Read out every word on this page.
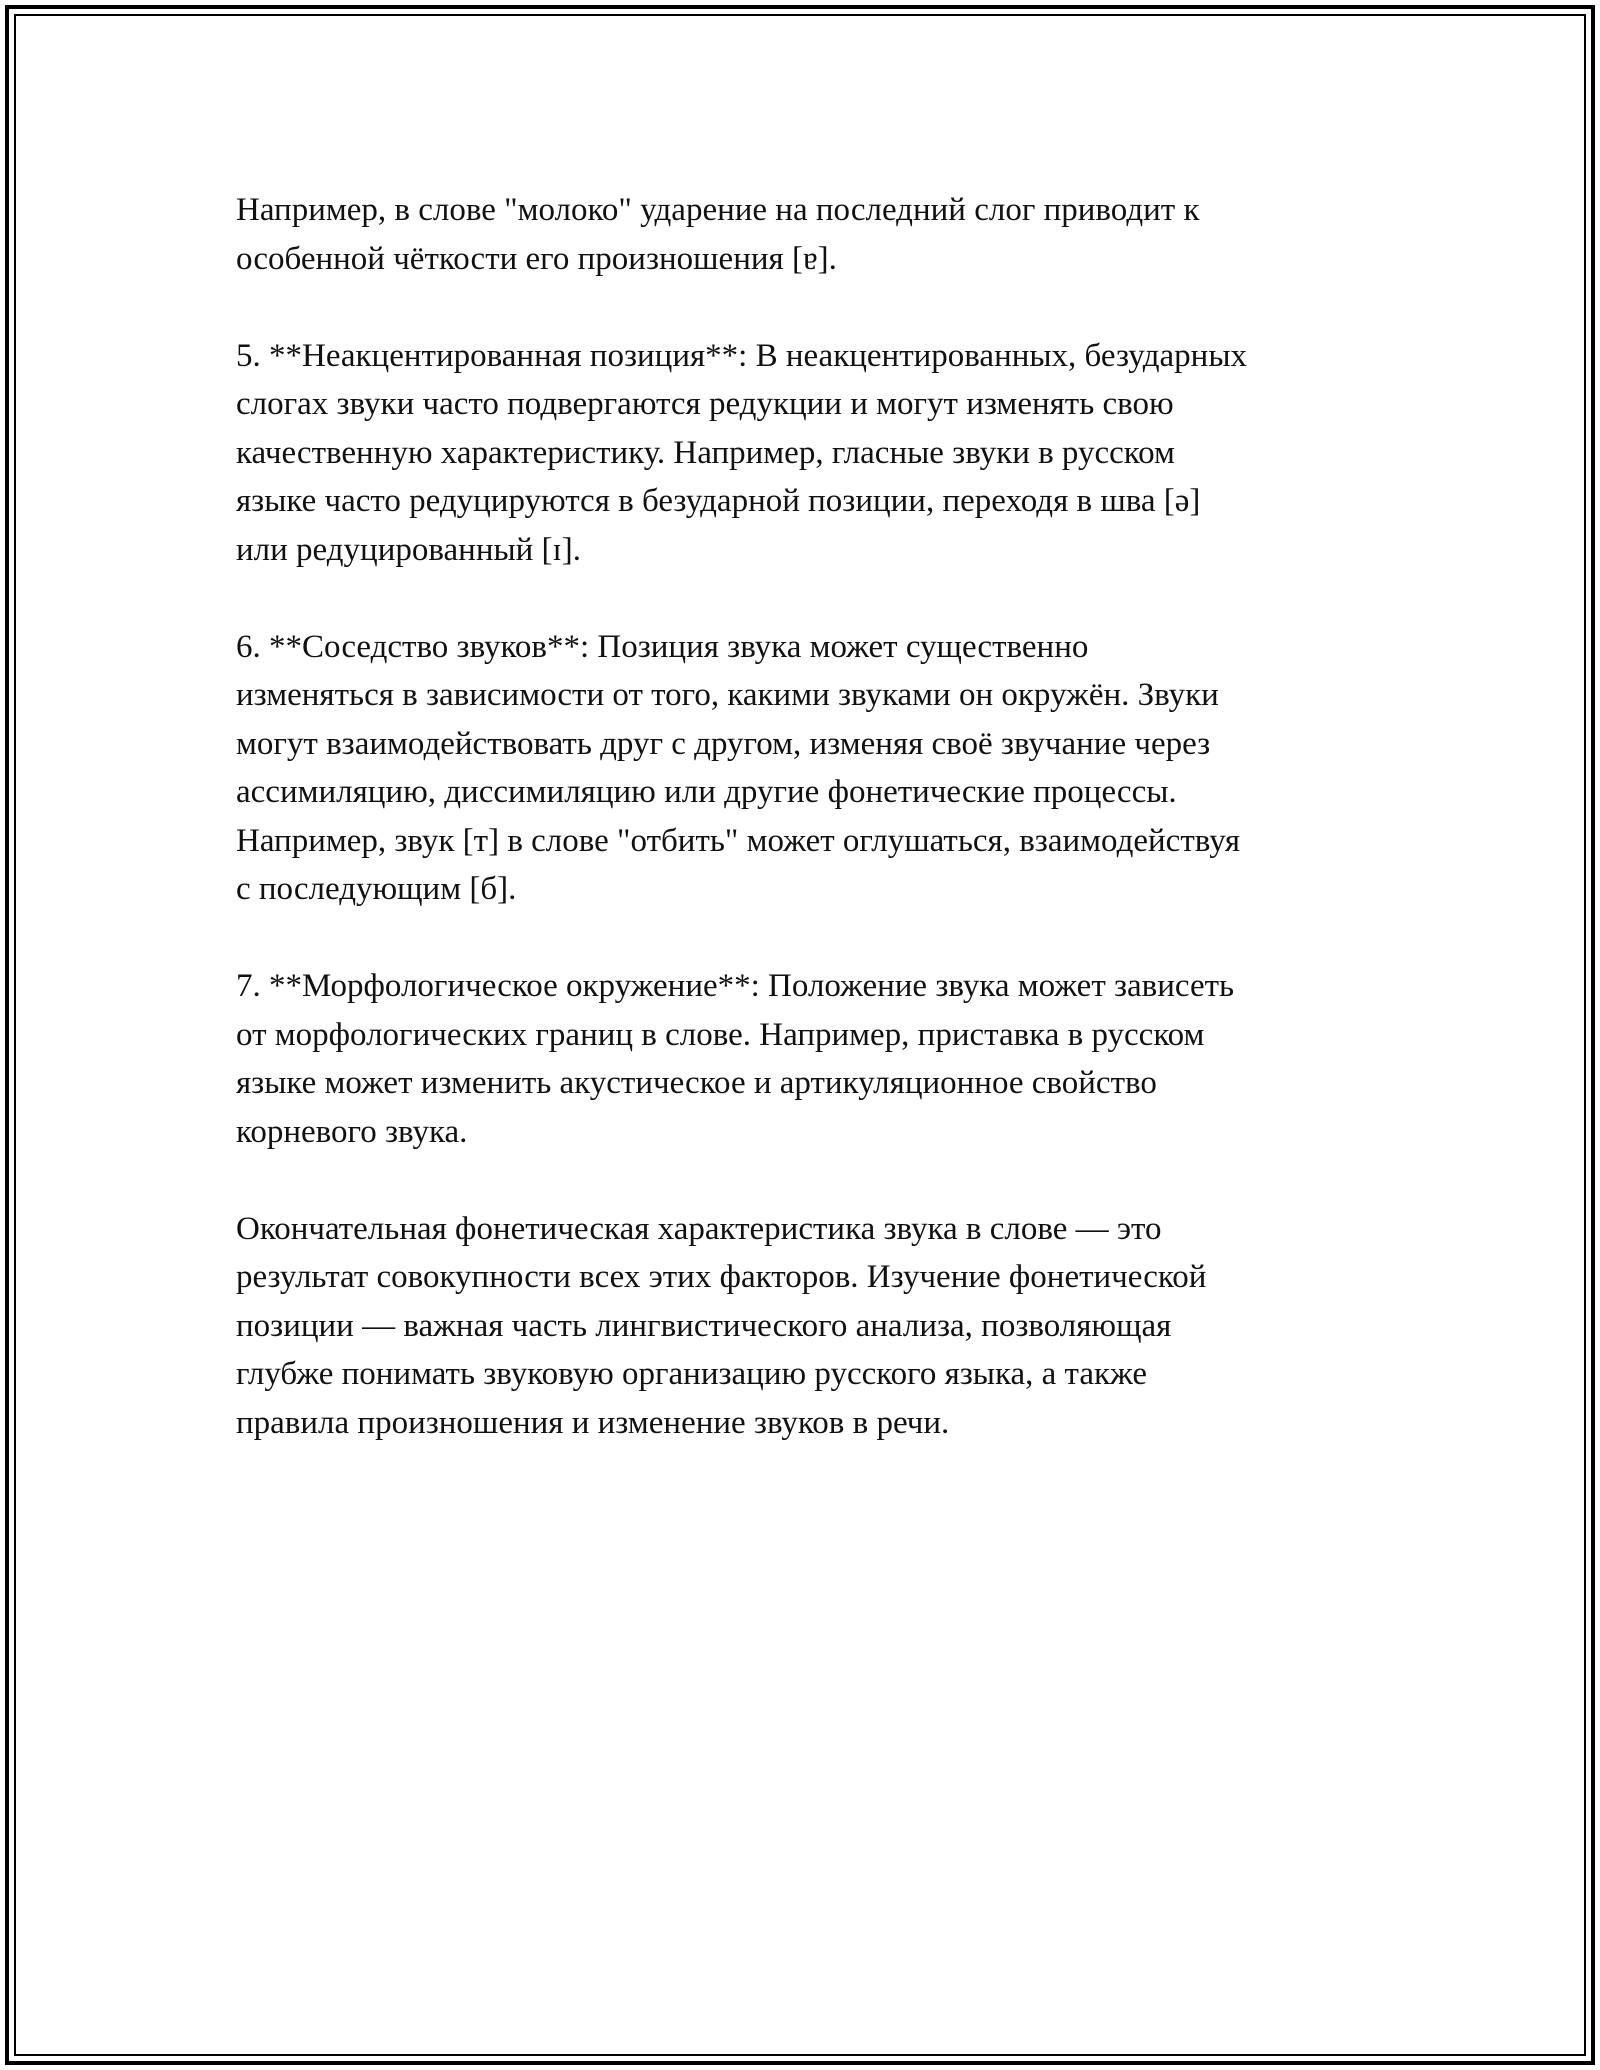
Например, в слове "молоко" ударение на последний слог приводит к
особенной чёткости его произношения [ɐ].

5. **Неакцентированная позиция**: В неакцентированных, безударных
слогах звуки часто подвергаются редукции и могут изменять свою
качественную характеристику. Например, гласные звуки в русском
языке часто редуцируются в безударной позиции, переходя в шва [ə]
или редуцированный [ɪ].

6. **Соседство звуков**: Позиция звука может существенно
изменяться в зависимости от того, какими звуками он окружён. Звуки
могут взаимодействовать друг с другом, изменяя своё звучание через
ассимиляцию, диссимиляцию или другие фонетические процессы.
Например, звук [т] в слове "отбить" может оглушаться, взаимодействуя
с последующим [б].

7. **Морфологическое окружение**: Положение звука может зависеть
от морфологических границ в слове. Например, приставка в русском
языке может изменить акустическое и артикуляционное свойство
корневого звука.

Окончательная фонетическая характеристика звука в слове — это
результат совокупности всех этих факторов. Изучение фонетической
позиции — важная часть лингвистического анализа, позволяющая
глубже понимать звуковую организацию русского языка, а также
правила произношения и изменение звуков в речи.
